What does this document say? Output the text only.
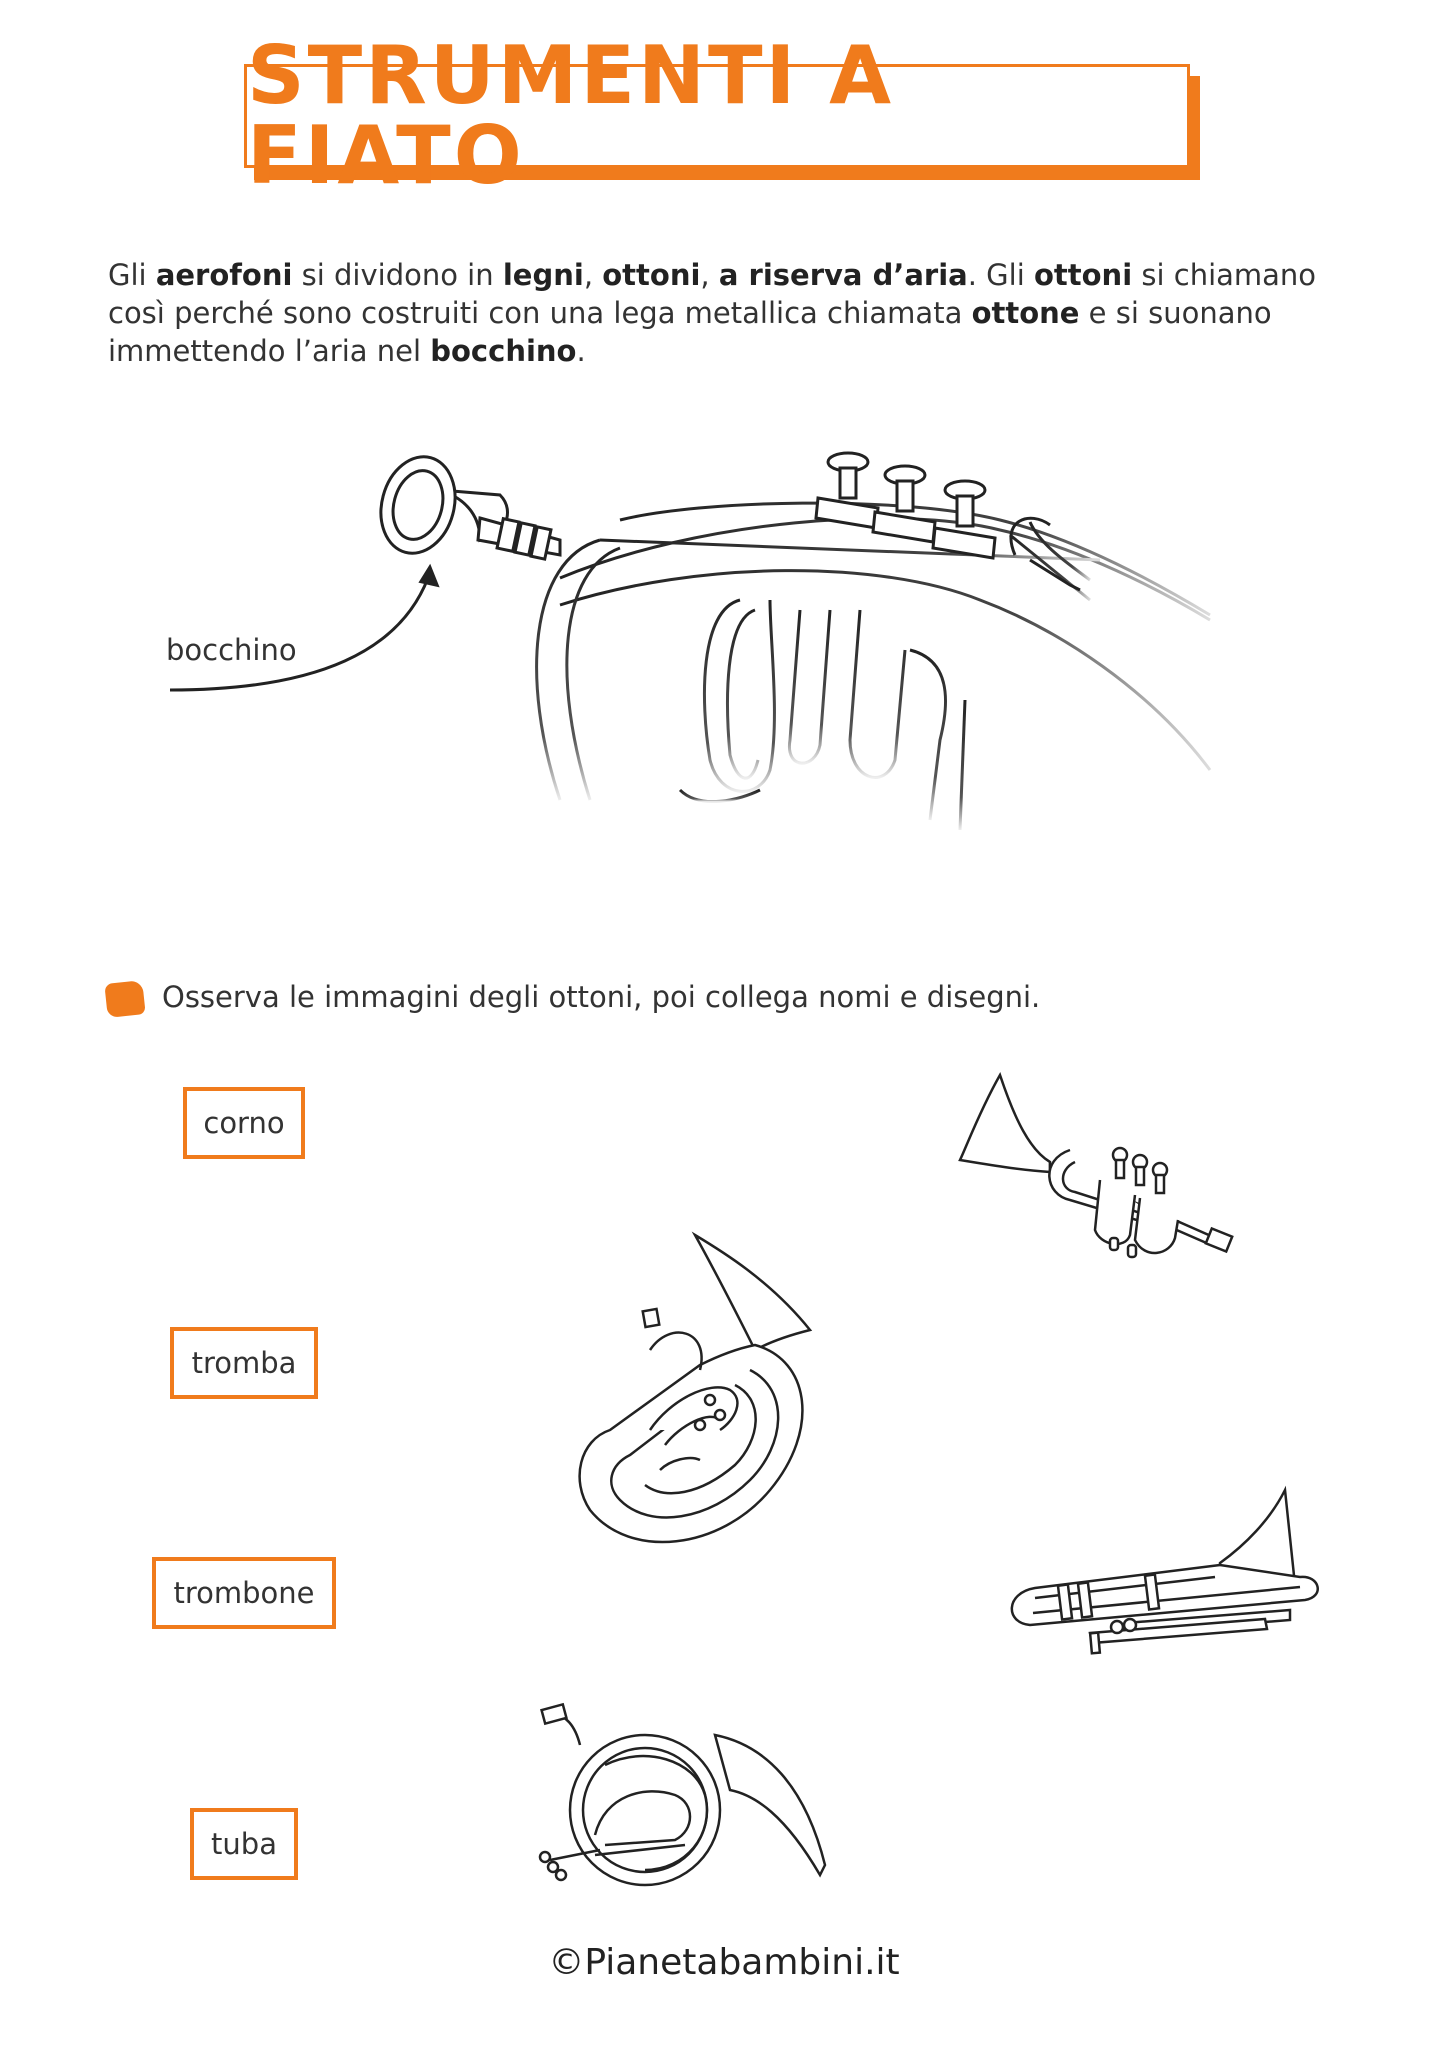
STRUMENTI A FIATO
Gli aerofoni si dividono in legni, ottoni, a riserva d’aria. Gli ottoni si chiamano così perché sono costruiti con una lega metallica chiamata ottone e si suonano immettendo l’aria nel bocchino.
bocchino
Osserva le immagini degli ottoni, poi collega nomi e disegni.
corno
tromba
trombone
tuba
©Pianetabambini.it
